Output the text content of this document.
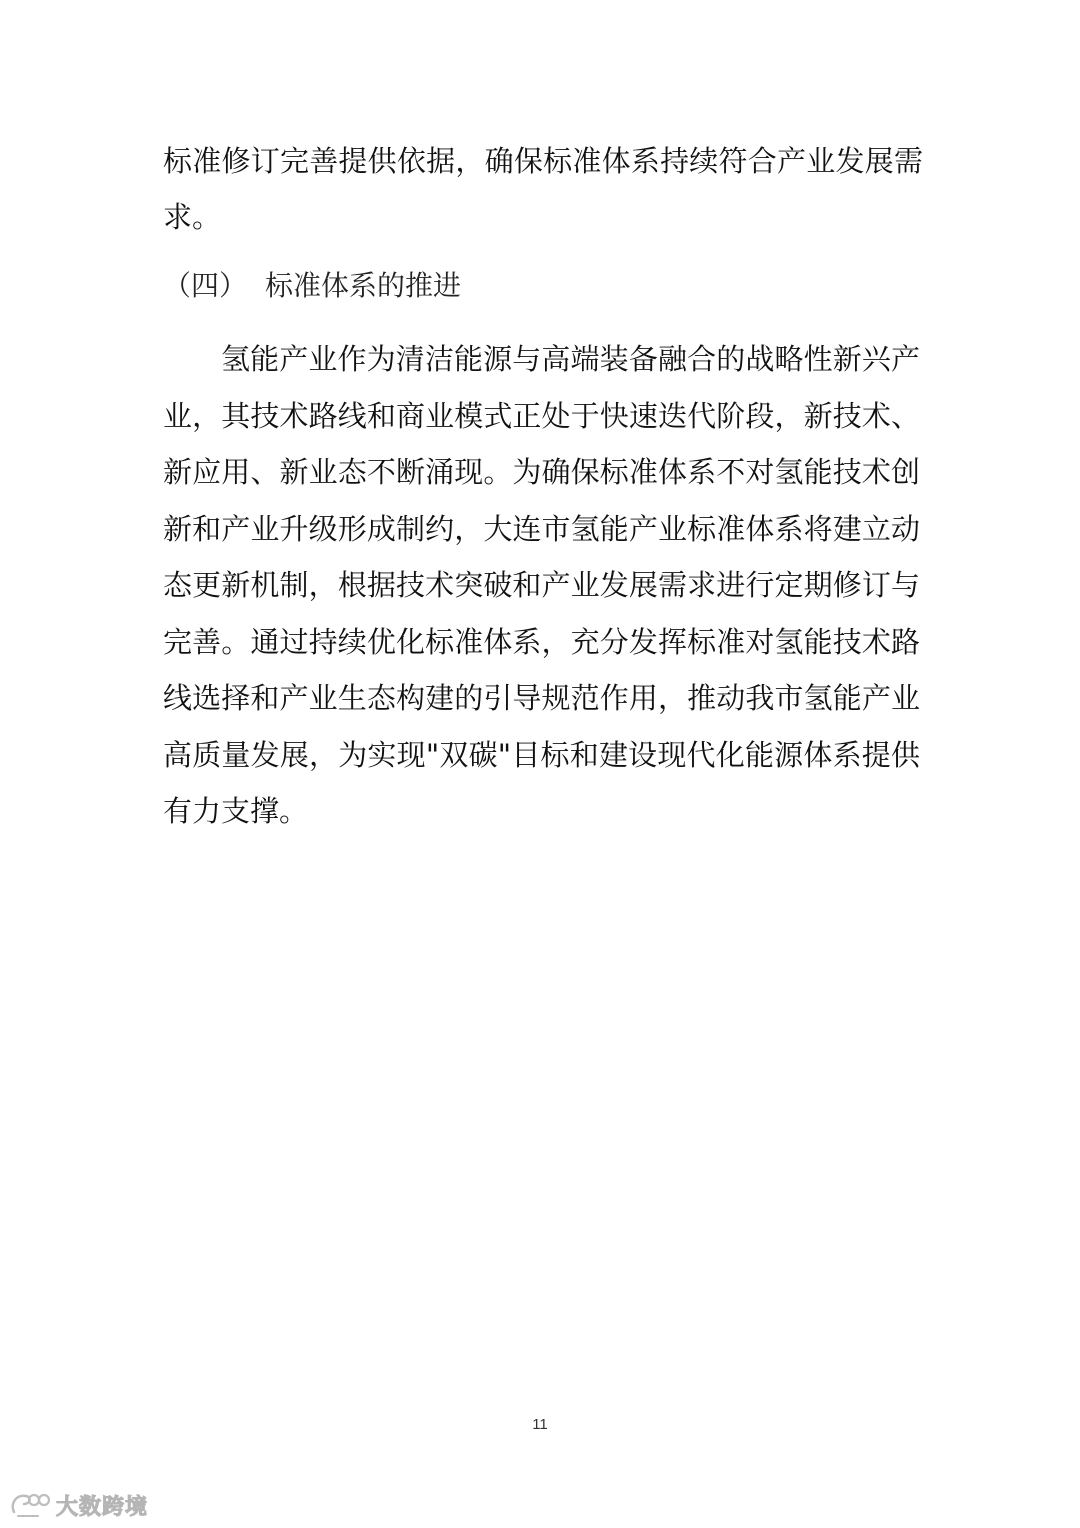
标准修订完善提供依据，确保标准体系持续符合产业发展需求。

（四） 标准体系的推进

氢能产业作为清洁能源与高端装备融合的战略性新兴产业，其技术路线和商业模式正处于快速迭代阶段，新技术、新应用、新业态不断涌现。为确保标准体系不对氢能技术创新和产业升级形成制约，大连市氢能产业标准体系将建立动态更新机制，根据技术突破和产业发展需求进行定期修订与完善。通过持续优化标准体系，充分发挥标准对氢能技术路线选择和产业生态构建的引导规范作用，推动我市氢能产业高质量发展，为实现"双碳"目标和建设现代化能源体系提供有力支撑。

11
大数跨境
